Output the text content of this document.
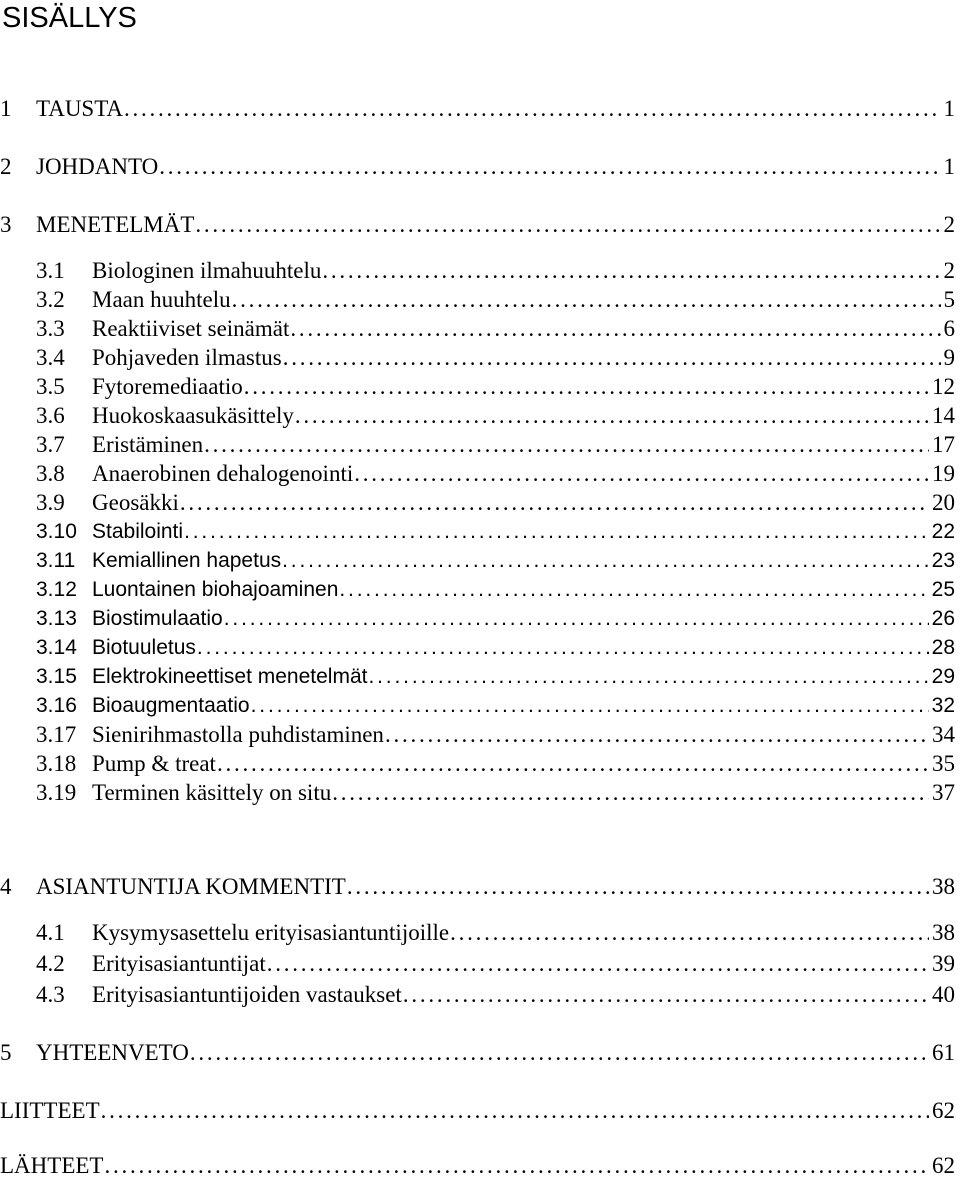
SISÄLLYS
1	TAUSTA . . .	1
2	JOHDANTO . . .	1
3	MENETELMÄT . . .	2
3.1	Biologinen ilmahuuhtelu . . .	2
3.2	Maan huuhtelu . . .	5
3.3	Reaktiiviset seinämät . . .	6
3.4	Pohjaveden ilmastus . . .	9
3.5	Fytoremediaatio . . .	12
3.6	Huokoskaasukäsittely . . .	14
3.7	Eristäminen . . .	17
3.8	Anaerobinen dehalogenointi . . .	19
3.9	Geosäkki . . .	20
3.10 Stabilointi . . .	22
3.11 Kemiallinen hapetus . . .	23
3.12 Luontainen biohajoaminen . . .	25
3.13 Biostimulaatio . . .	26
3.14 Biotuuletus . . .	28
3.15 Elektrokineettiset menetelmät . . .	29
3.16 Bioaugmentaatio . . .	32
3.17 Sienirihmastolla puhdistaminen . . .	34
3.18 Pump & treat . . .	35
3.19 Terminen käsittely on situ . . .	37
4	ASIANTUNTIJA KOMMENTIT . . .	38
4.1	Kysymysasettelu erityisasiantuntijoille . . .	38
4.2	Erityisasiantuntijat . . .	39
4.3	Erityisasiantuntijoiden vastaukset . . .	40
5	YHTEENVETO . . .	61
LIITTEET . . .	62
LÄHTEET . . .	62
